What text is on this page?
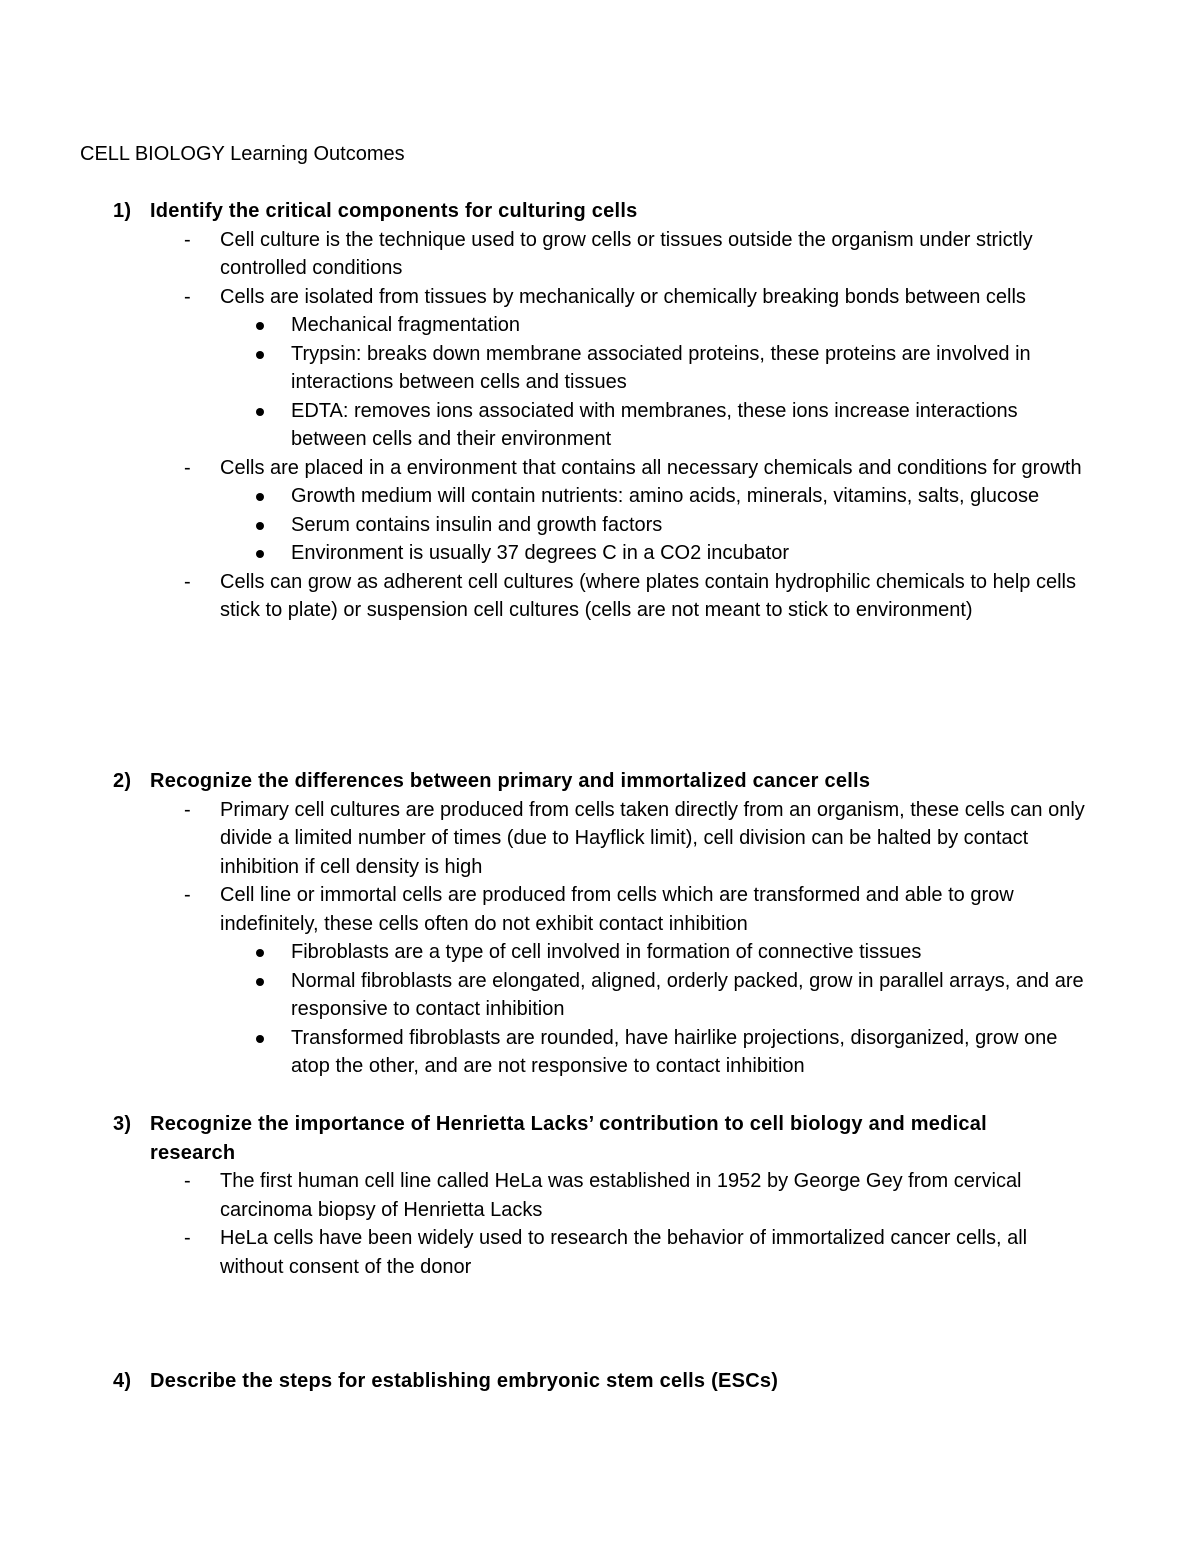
CELL BIOLOGY Learning Outcomes
1) Identify the critical components for culturing cells
- Cell culture is the technique used to grow cells or tissues outside the organism under strictly controlled conditions
- Cells are isolated from tissues by mechanically or chemically breaking bonds between cells
Mechanical fragmentation
Trypsin: breaks down membrane associated proteins, these proteins are involved in interactions between cells and tissues
EDTA: removes ions associated with membranes, these ions increase interactions between cells and their environment
- Cells are placed in a environment that contains all necessary chemicals and conditions for growth
Growth medium will contain nutrients: amino acids, minerals, vitamins, salts, glucose
Serum contains insulin and growth factors
Environment is usually 37 degrees C in a CO2 incubator
- Cells can grow as adherent cell cultures (where plates contain hydrophilic chemicals to help cells stick to plate) or suspension cell cultures (cells are not meant to stick to environment)
2) Recognize the differences between primary and immortalized cancer cells
- Primary cell cultures are produced from cells taken directly from an organism, these cells can only divide a limited number of times (due to Hayflick limit), cell division can be halted by contact inhibition if cell density is high
- Cell line or immortal cells are produced from cells which are transformed and able to grow indefinitely, these cells often do not exhibit contact inhibition
Fibroblasts are a type of cell involved in formation of connective tissues
Normal fibroblasts are elongated, aligned, orderly packed, grow in parallel arrays, and are responsive to contact inhibition
Transformed fibroblasts are rounded, have hairlike projections, disorganized, grow one atop the other, and are not responsive to contact inhibition
3) Recognize the importance of Henrietta Lacks’ contribution to cell biology and medical research
- The first human cell line called HeLa was established in 1952 by George Gey from cervical carcinoma biopsy of Henrietta Lacks
- HeLa cells have been widely used to research the behavior of immortalized cancer cells, all without consent of the donor
4) Describe the steps for establishing embryonic stem cells (ESCs)
